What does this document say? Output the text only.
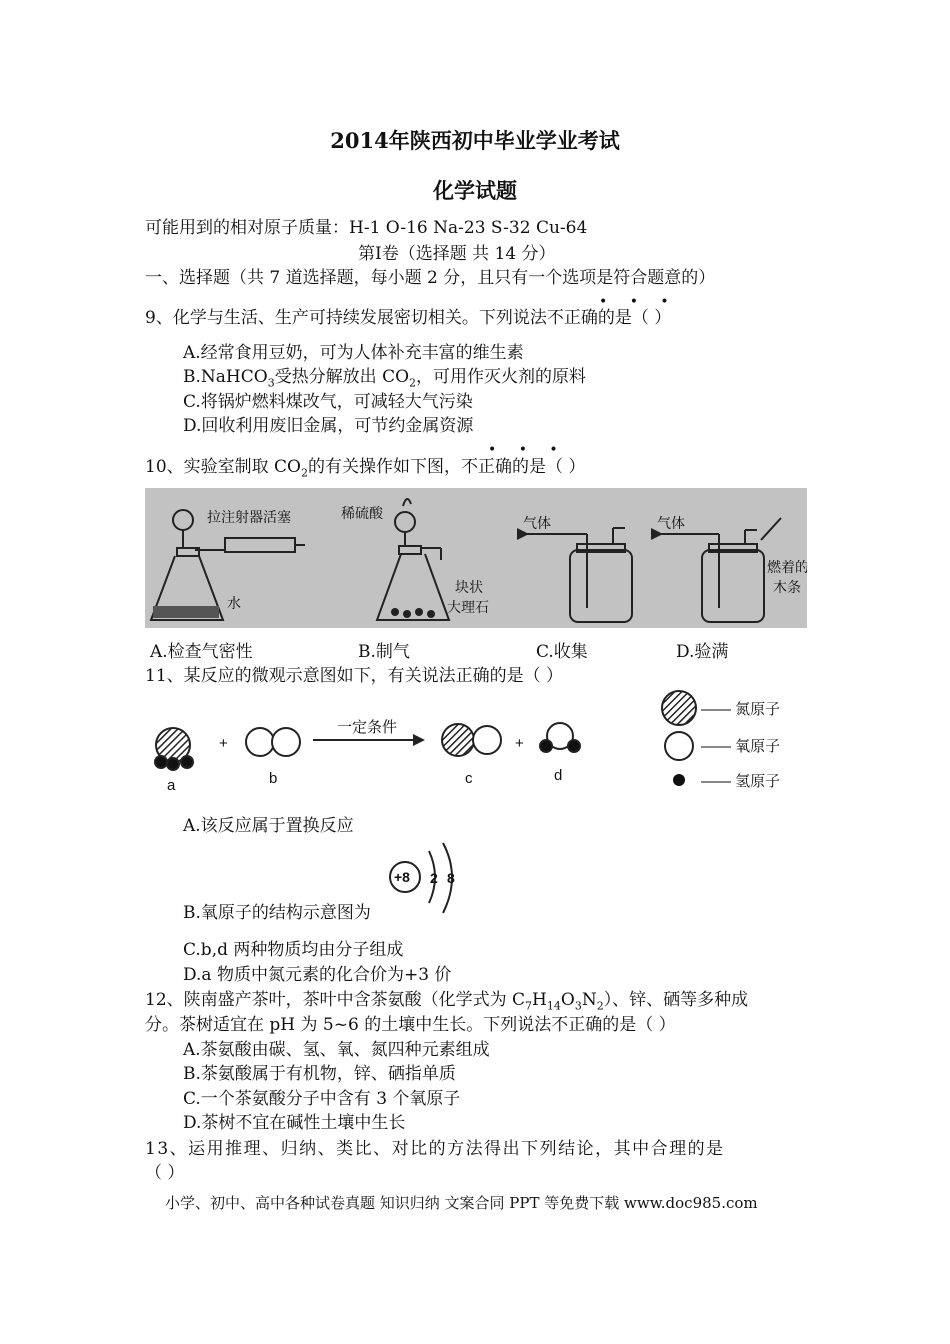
2014年陕西初中毕业学业考试
化学试题
可能用到的相对原子质量：H-1 O-16 Na-23 S-32 Cu-64
第Ⅰ卷（选择题 共 14 分）
一、选择题（共 7 道选择题，每小题 2 分，且只有一个选项是符合题意的）
• • •
9、化学与生活、生产可持续发展密切相关。下列说法不正确的是（ ）
A.经常食用豆奶，可为人体补充丰富的维生素
B.NaHCO$_3$受热分解放出 $CO_2$，可用作灭火剂的原料
C.将锅炉燃料煤改气，可减轻大气污染
D.回收利用废旧金属，可节约金属资源
• • •
10、实验室制取 $CO_2$的有关操作如下图，不正确的是（ ）
拉注射器活塞
水
稀硫酸
块状
大理石
气体	气体
燃着的
木条
A.检查气密性	B.制气	C.收集	D.验满
11、某反应的微观示意图如下，有关说法正确的是（ ）
a	b	c	d
+	+
一定条件
—— 氮原子
—— 氧原子
—— 氢原子
A.该反应属于置换反应
+8 2 8
B.氧原子的结构示意图为
C.b,d 两种物质均由分子组成
D.a 物质中氮元素的化合价为+3 价
12、陕南盛产茶叶，茶叶中含茶氨酸（化学式为 $C_7H_{14}O_3N_2$）、锌、硒等多种成
分。茶树适宜在 pH 为 5~6 的土壤中生长。下列说法不正确的是（ ）
A.茶氨酸由碳、氢、氧、氮四种元素组成
B.茶氨酸属于有机物，锌、硒指单质
C.一个茶氨酸分子中含有 3 个氧原子
D.茶树不宜在碱性土壤中生长
13、运用推理、归纳、类比、对比的方法得出下列结论，其中合理的是
（ ）
小学、初中、高中各种试卷真题 知识归纳 文案合同 PPT 等免费下载 www.doc985.com
